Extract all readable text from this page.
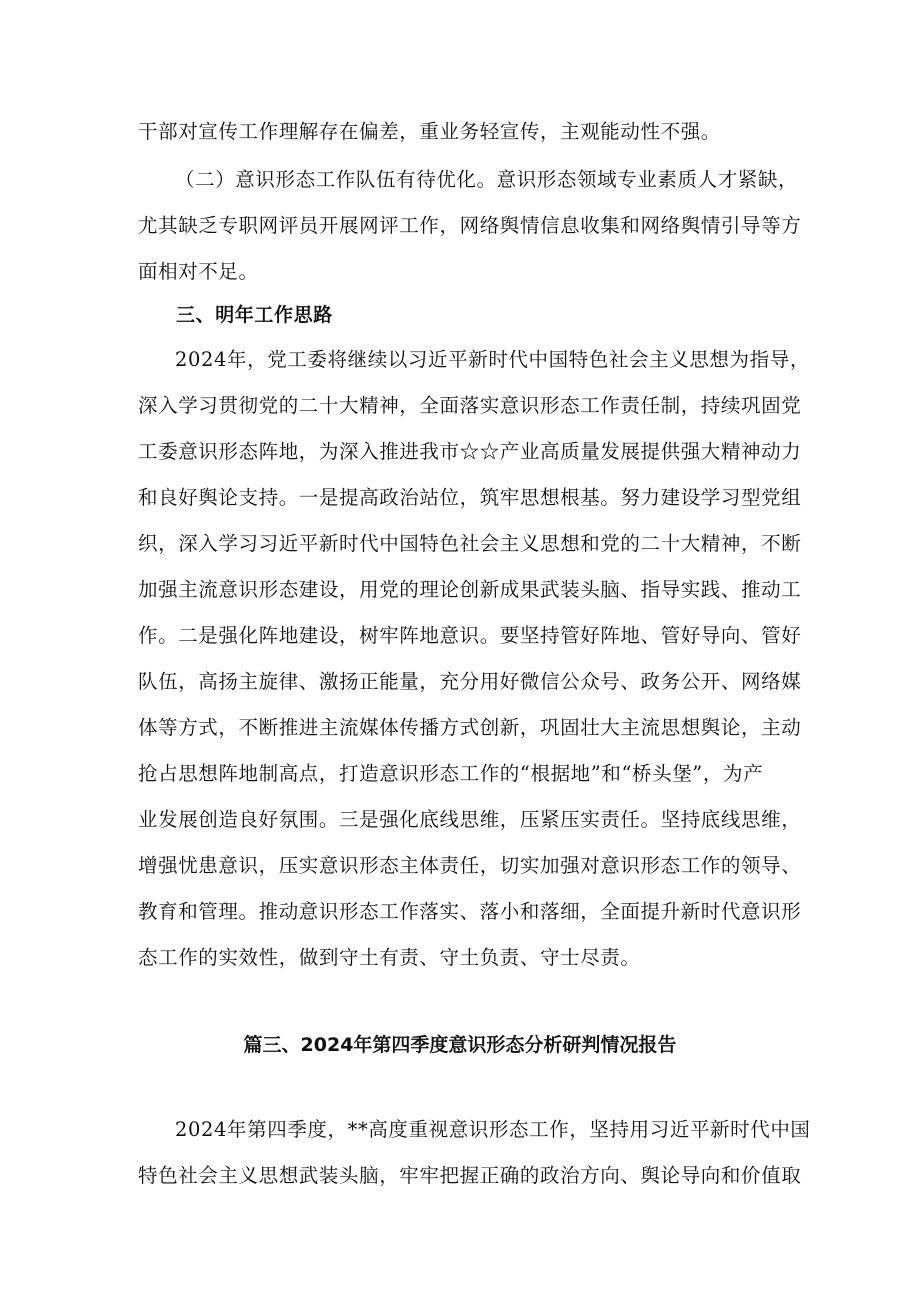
干部对宣传工作理解存在偏差，重业务轻宣传，主观能动性不强。
（二）意识形态工作队伍有待优化。意识形态领域专业素质人才紧缺，
尤其缺乏专职网评员开展网评工作，网络舆情信息收集和网络舆情引导等方
面相对不足。
三、明年工作思路
2024年，党工委将继续以习近平新时代中国特色社会主义思想为指导，
深入学习贯彻党的二十大精神，全面落实意识形态工作责任制，持续巩固党
工委意识形态阵地，为深入推进我市☆☆产业高质量发展提供强大精神动力
和良好舆论支持。一是提高政治站位，筑牢思想根基。努力建设学习型党组
织，深入学习习近平新时代中国特色社会主义思想和党的二十大精神，不断
加强主流意识形态建设，用党的理论创新成果武装头脑、指导实践、推动工
作。二是强化阵地建设，树牢阵地意识。要坚持管好阵地、管好导向、管好
队伍，高扬主旋律、激扬正能量，充分用好微信公众号、政务公开、网络媒
体等方式，不断推进主流媒体传播方式创新，巩固壮大主流思想舆论，主动
抢占思想阵地制高点，打造意识形态工作的“根据地”和“桥头堡”，为产
业发展创造良好氛围。三是强化底线思维，压紧压实责任。坚持底线思维，
增强忧患意识，压实意识形态主体责任，切实加强对意识形态工作的领导、
教育和管理。推动意识形态工作落实、落小和落细，全面提升新时代意识形
态工作的实效性，做到守土有责、守土负责、守士尽责。
篇三、2024年第四季度意识形态分析研判情况报告
2024年第四季度，**高度重视意识形态工作，坚持用习近平新时代中国
特色社会主义思想武装头脑，牢牢把握正确的政治方向、舆论导向和价值取
